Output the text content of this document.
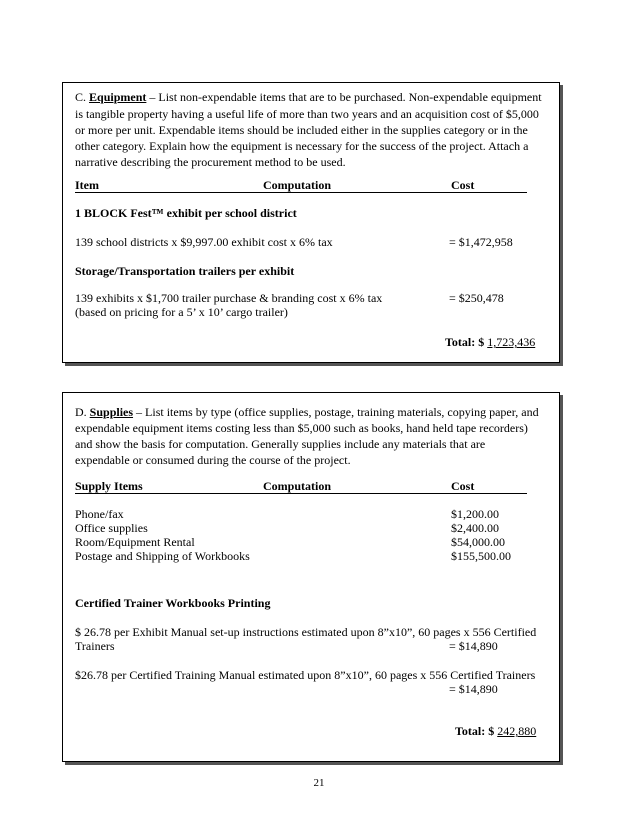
C. Equipment – List non-expendable items that are to be purchased. Non-expendable equipment
is tangible property having a useful life of more than two years and an acquisition cost of $5,000
or more per unit. Expendable items should be included either in the supplies category or in the
other category. Explain how the equipment is necessary for the success of the project. Attach a
narrative describing the procurement method to be used.
Item	Computation	Cost
1 BLOCK Fest™ exhibit per school district
139 school districts x $9,997.00 exhibit cost x 6% tax	= $1,472,958
Storage/Transportation trailers per exhibit
139 exhibits x $1,700 trailer purchase & branding cost x 6% tax	= $250,478
(based on pricing for a 5’ x 10’ cargo trailer)
Total: $ 1,723,436
D. Supplies – List items by type (office supplies, postage, training materials, copying paper, and
expendable equipment items costing less than $5,000 such as books, hand held tape recorders)
and show the basis for computation. Generally supplies include any materials that are
expendable or consumed during the course of the project.
Supply Items	Computation	Cost
Phone/fax	$1,200.00
Office supplies	$2,400.00
Room/Equipment Rental	$54,000.00
Postage and Shipping of Workbooks	$155,500.00
Certified Trainer Workbooks Printing
$ 26.78 per Exhibit Manual set-up instructions estimated upon 8”x10”, 60 pages x 556 Certified
Trainers	= $14,890
$26.78 per Certified Training Manual estimated upon 8”x10”, 60 pages x 556 Certified Trainers
= $14,890
Total: $ 242,880
21
